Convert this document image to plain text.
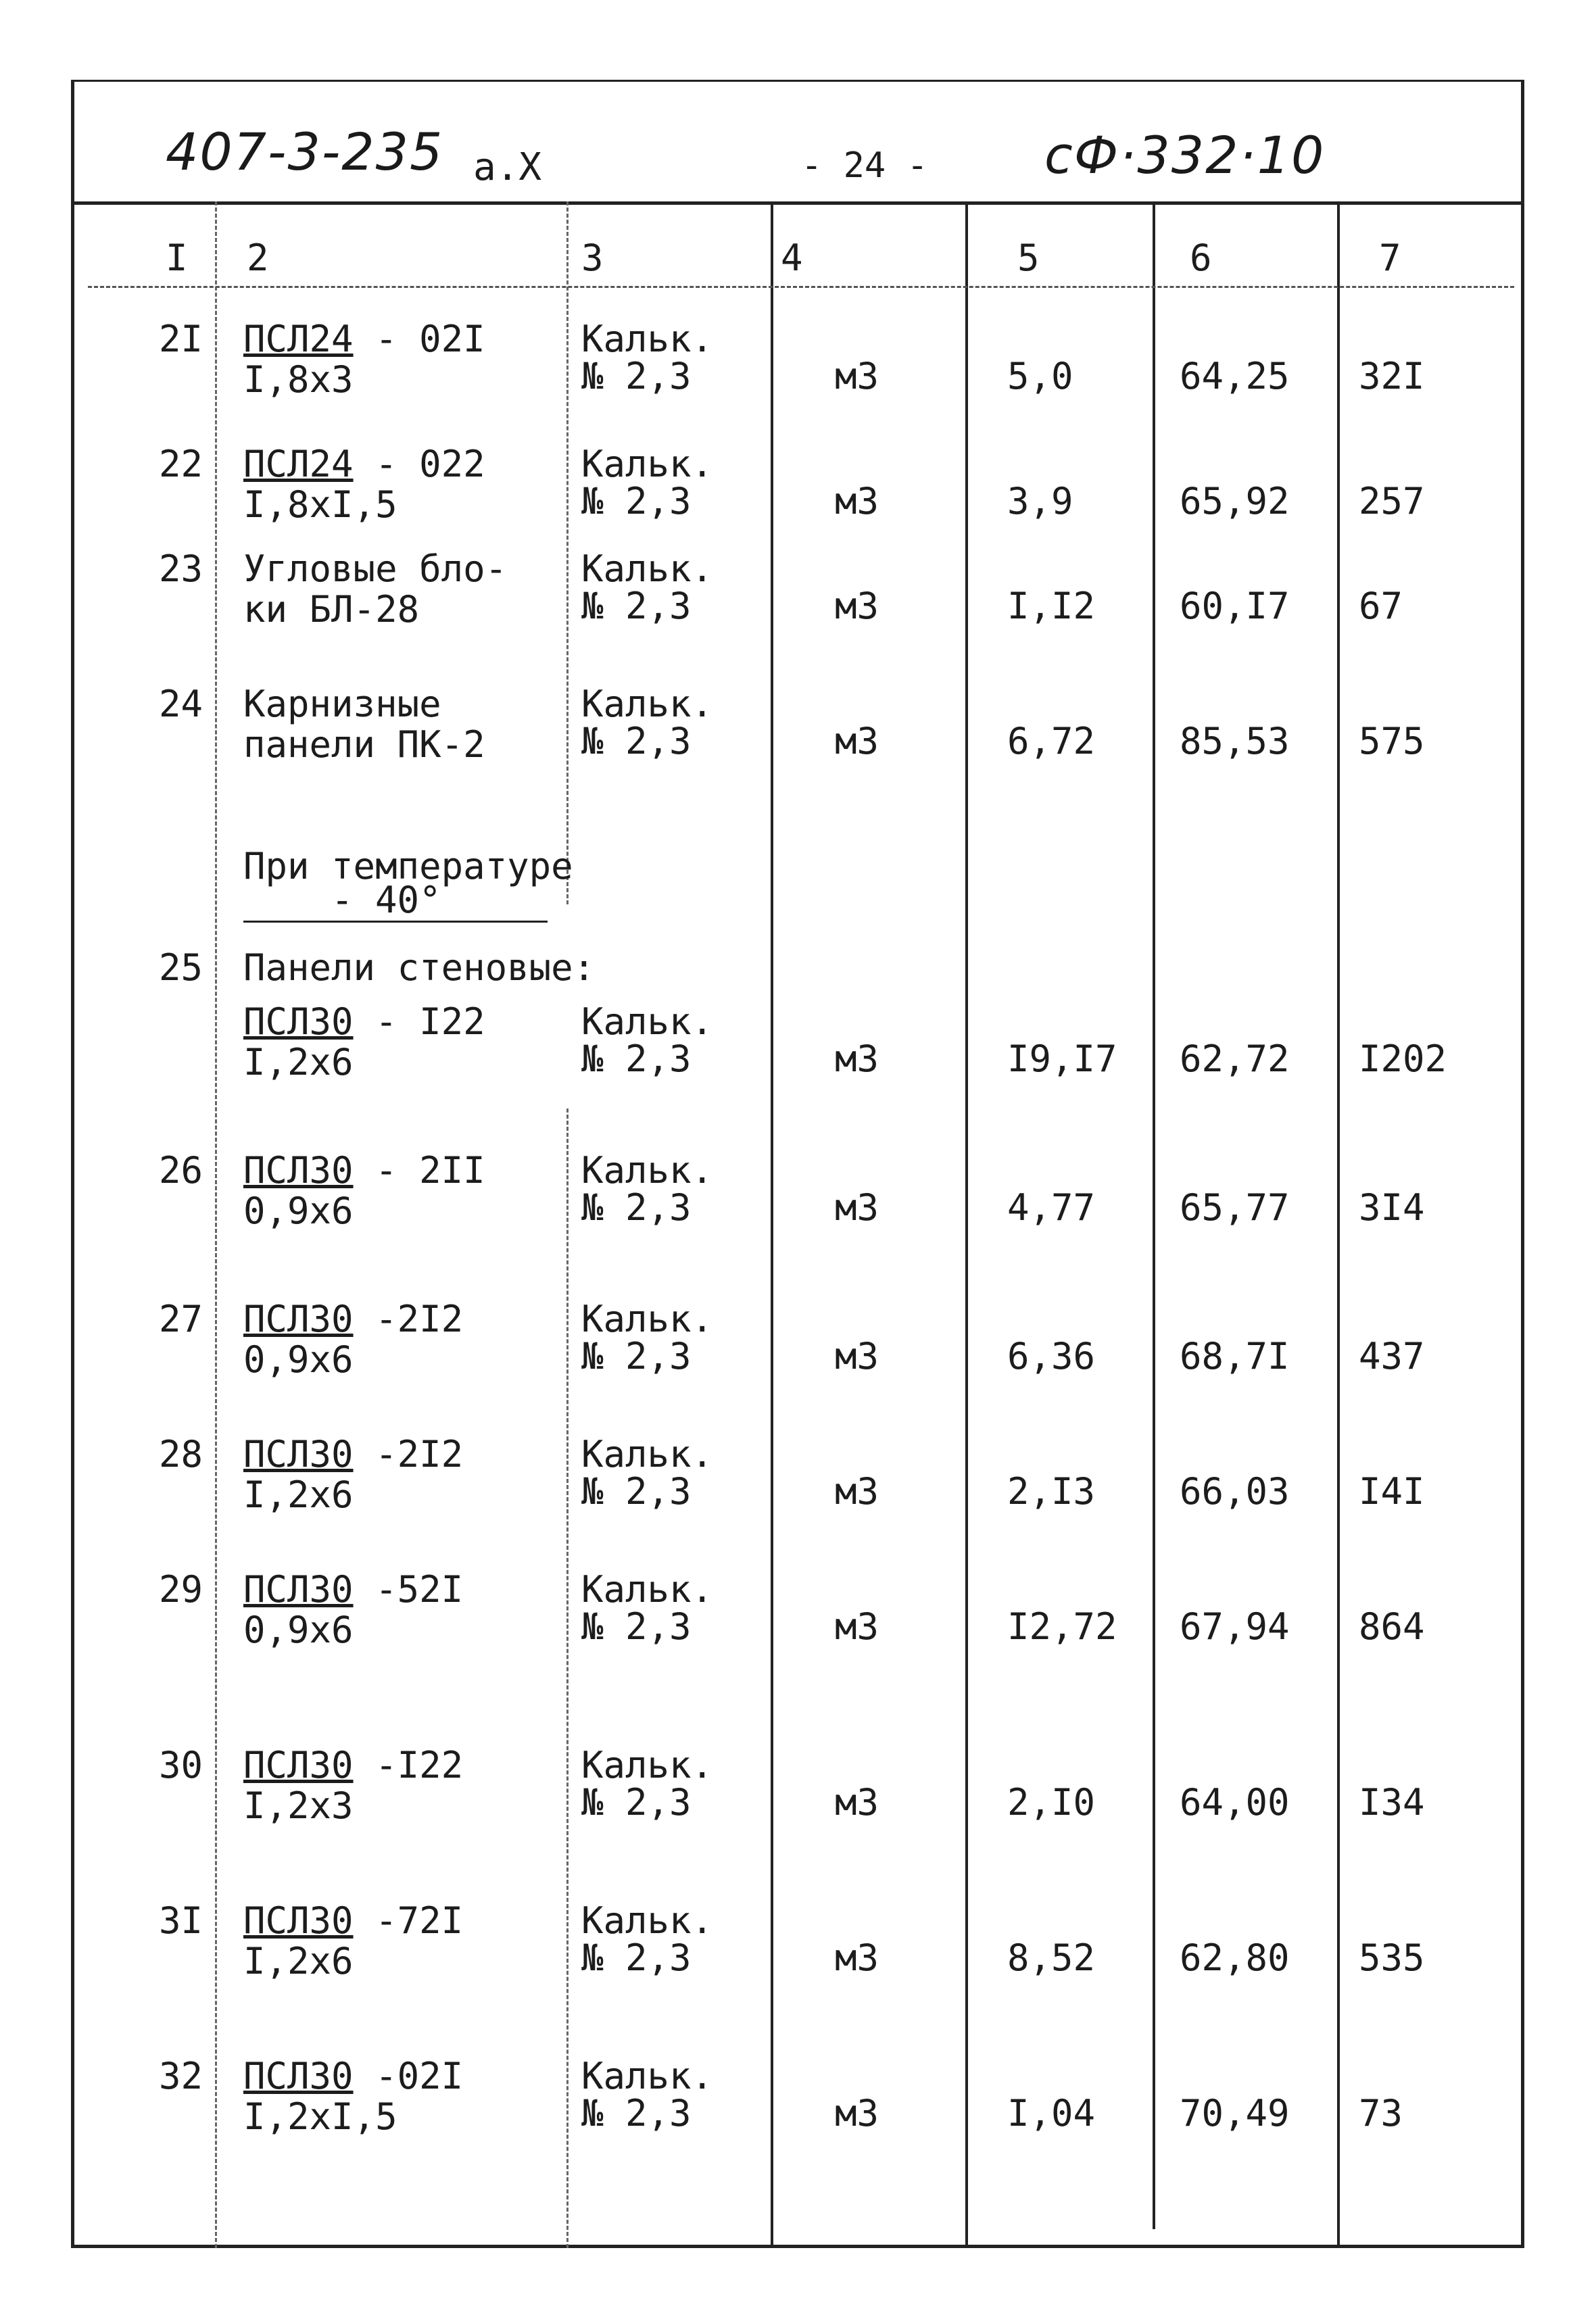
407-3-235 а.X	- 24 - сФ·332·10
I 2	3	4	5	6	7
2I ПСЛ24 - 02I
I,8x3
Кальк.
№ 2,3	м3	5,0	64,25 32I
22 ПСЛ24 - 022
I,8xI,5
Кальк.
№ 2,3	м3	3,9	65,92 257
23 Угловые бло-
ки БЛ-28
Кальк.
№ 2,3	м3	I,I2 60,I7 67
24 Карнизные
панели ПК-2
Кальк.
№ 2,3	м3	6,72 85,53 575
При температуре
- 40°
25 Панели стеновые:
ПСЛ30 - I22
I,2x6
Кальк.
№ 2,3	м3	I9,I7 62,72 I202
26 ПСЛ30 - 2II
0,9x6
Кальк.
№ 2,3	м3	4,77 65,77 3I4
27 ПСЛ30 -2I2
0,9x6
Кальк.
№ 2,3	м3	6,36 68,7I 437
28 ПСЛ30 -2I2
I,2x6
Кальк.
№ 2,3	м3	2,I3 66,03 I4I
29 ПСЛ30 -52I
0,9x6
Кальк.
№ 2,3	м3	I2,72 67,94 864
30 ПСЛ30 -I22
I,2x3
Кальк.
№ 2,3	м3	2,I0 64,00 I34
3I ПСЛ30 -72I
I,2x6
Кальк.
№ 2,3	м3	8,52 62,80 535
32 ПСЛ30 -02I
I,2xI,5
Кальк.
№ 2,3	м3	I,04 70,49 73
